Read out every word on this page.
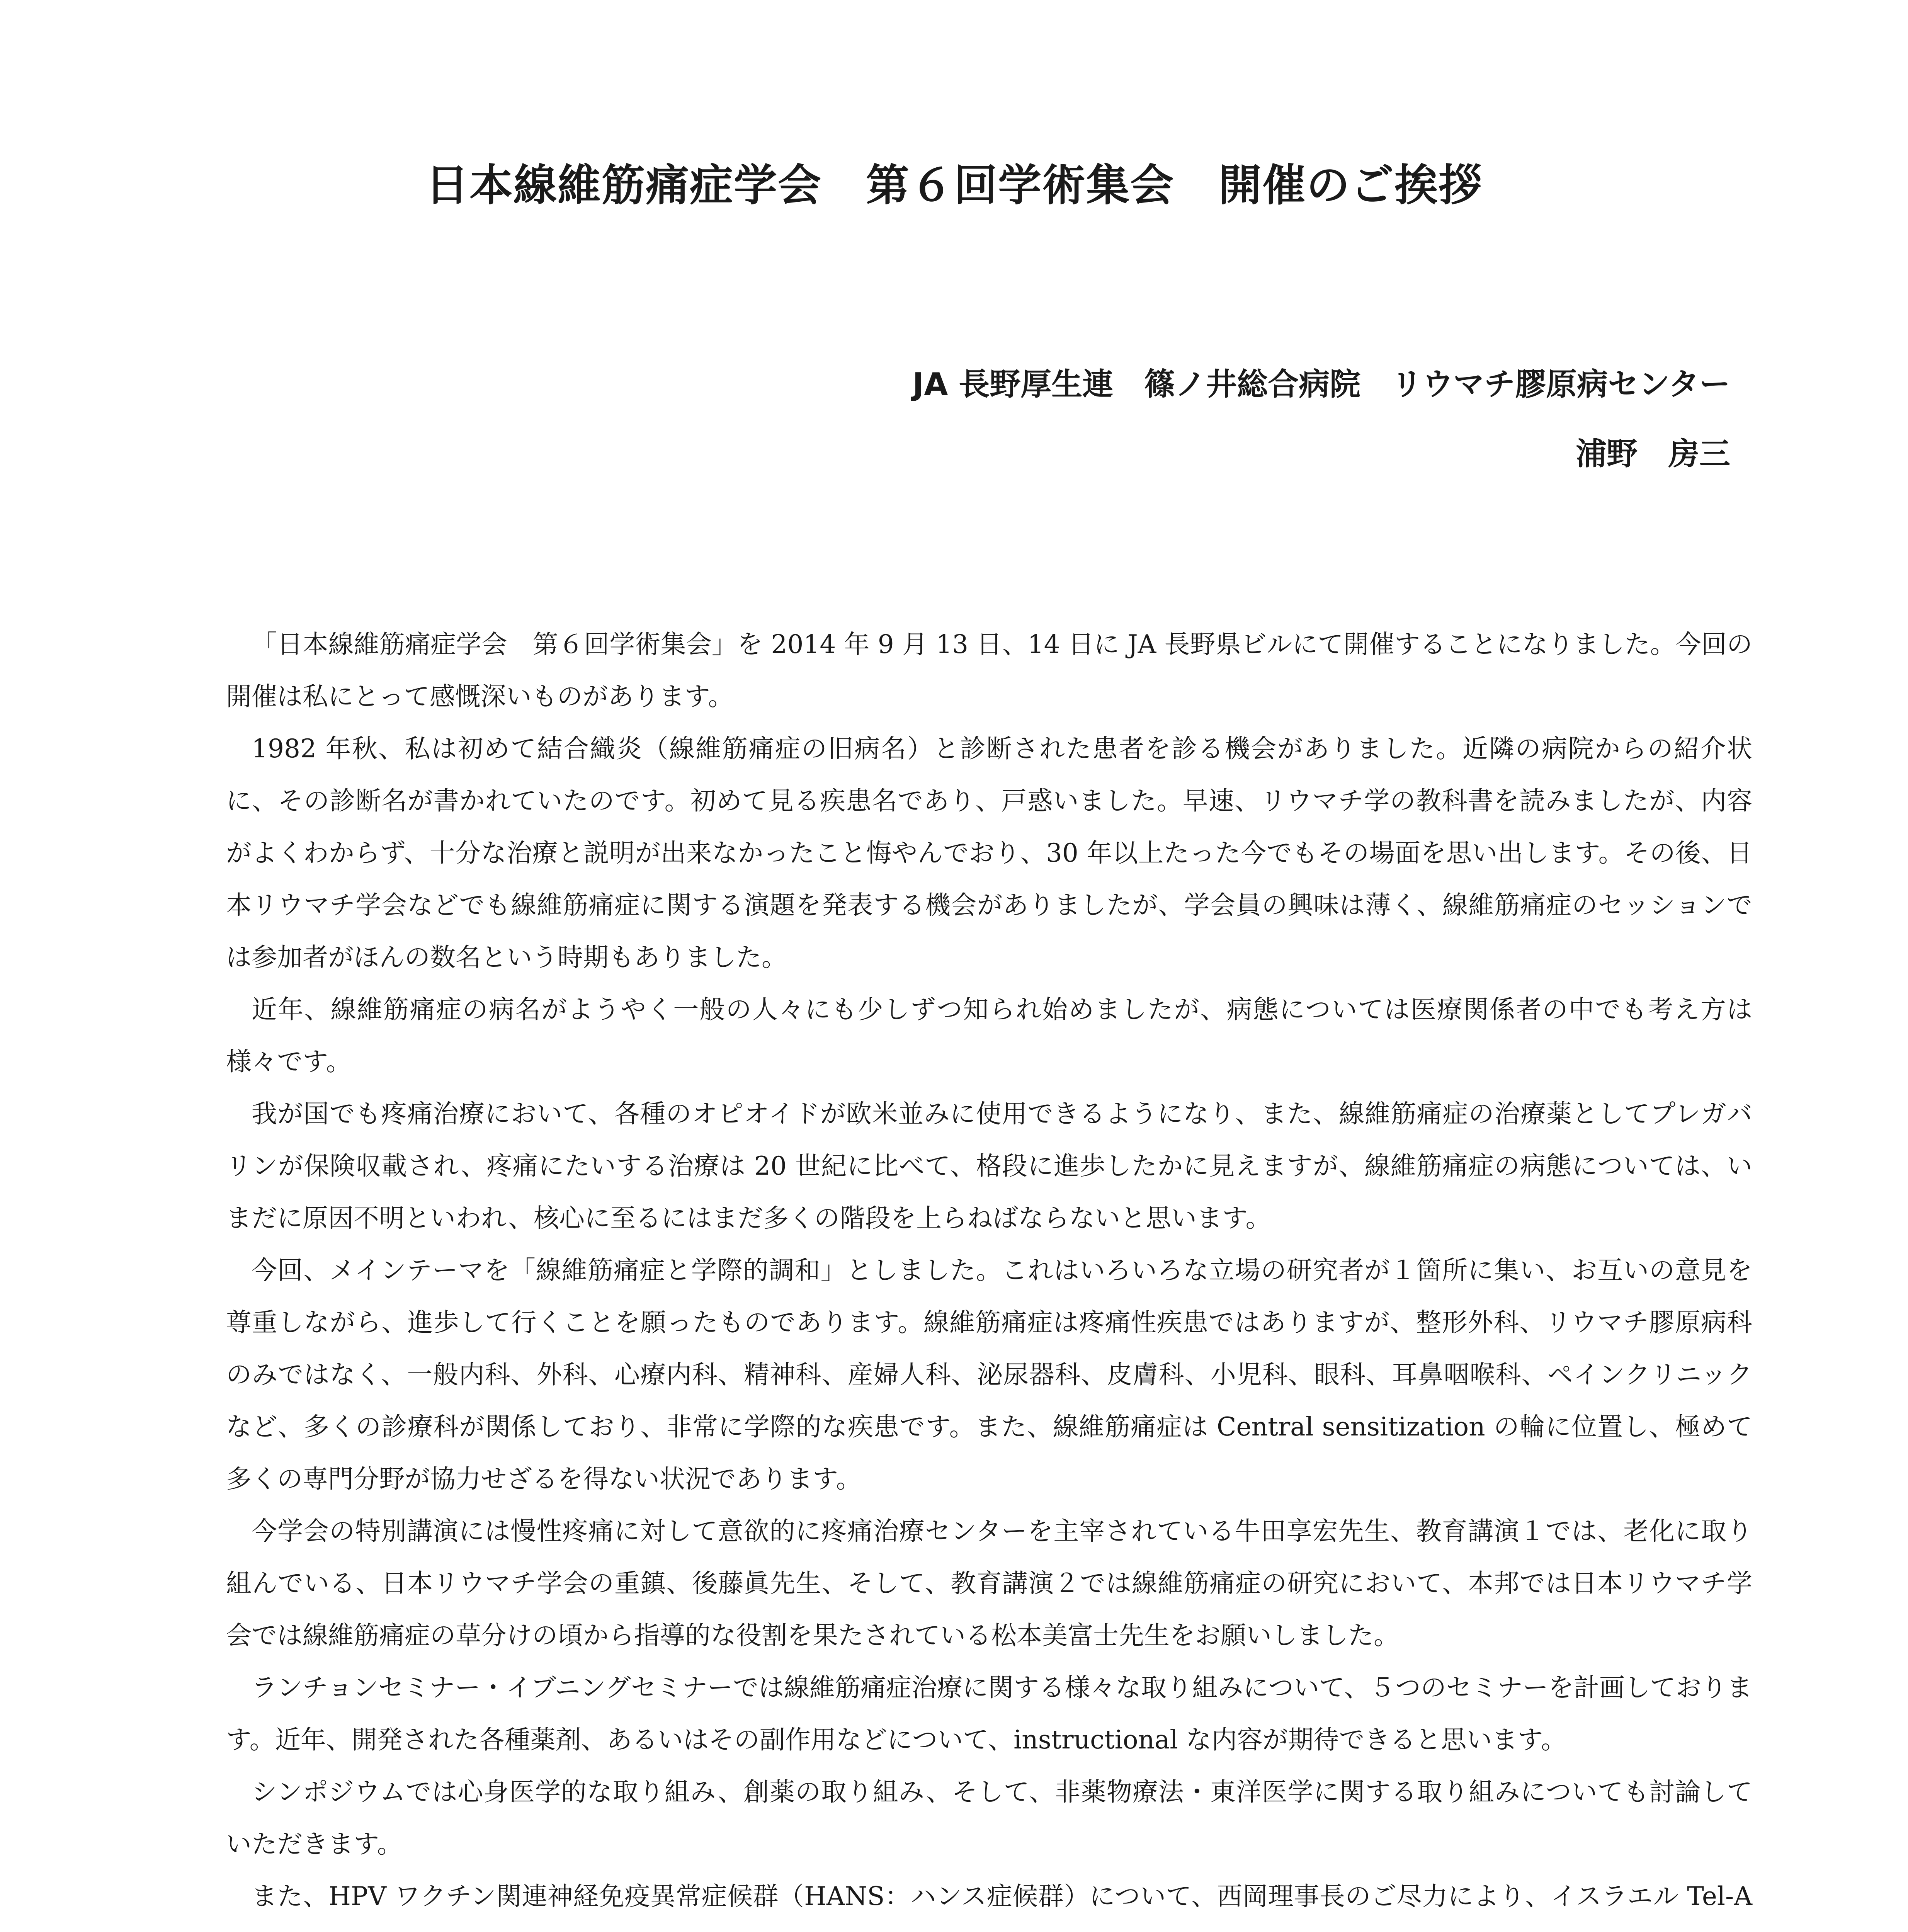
日本線維筋痛症学会　第６回学術集会　開催のご挨拶
JA 長野厚生連　篠ノ井総合病院　リウマチ膠原病センター
浦野　房三

「日本線維筋痛症学会　第６回学術集会」を 2014 年 9 月 13 日、14 日に JA 長野県ビルにて開催することになりました。今回の開催は私にとって感慨深いものがあります。

1982 年秋、私は初めて結合織炎（線維筋痛症の旧病名）と診断された患者を診る機会がありました。近隣の病院からの紹介状に、その診断名が書かれていたのです。初めて見る疾患名であり、戸惑いました。早速、リウマチ学の教科書を読みましたが、内容がよくわからず、十分な治療と説明が出来なかったこと悔やんでおり、30 年以上たった今でもその場面を思い出します。その後、日本リウマチ学会などでも線維筋痛症に関する演題を発表する機会がありましたが、学会員の興味は薄く、線維筋痛症のセッションでは参加者がほんの数名という時期もありました。

近年、線維筋痛症の病名がようやく一般の人々にも少しずつ知られ始めましたが、病態については医療関係者の中でも考え方は様々です。

我が国でも疼痛治療において、各種のオピオイドが欧米並みに使用できるようになり、また、線維筋痛症の治療薬としてプレガバリンが保険収載され、疼痛にたいする治療は 20 世紀に比べて、格段に進歩したかに見えますが、線維筋痛症の病態については、いまだに原因不明といわれ、核心に至るにはまだ多くの階段を上らねばならないと思います。

今回、メインテーマを「線維筋痛症と学際的調和」としました。これはいろいろな立場の研究者が１箇所に集い、お互いの意見を尊重しながら、進歩して行くことを願ったものであります。線維筋痛症は疼痛性疾患ではありますが、整形外科、リウマチ膠原病科のみではなく、一般内科、外科、心療内科、精神科、産婦人科、泌尿器科、皮膚科、小児科、眼科、耳鼻咽喉科、ペインクリニックなど、多くの診療科が関係しており、非常に学際的な疾患です。また、線維筋痛症は Central sensitization の輪に位置し、極めて多くの専門分野が協力せざるを得ない状況であります。

今学会の特別講演には慢性疼痛に対して意欲的に疼痛治療センターを主宰されている牛田享宏先生、教育講演１では、老化に取り組んでいる、日本リウマチ学会の重鎮、後藤眞先生、そして、教育講演２では線維筋痛症の研究において、本邦では日本リウマチ学会では線維筋痛症の草分けの頃から指導的な役割を果たされている松本美富士先生をお願いしました。

ランチョンセミナー・イブニングセミナーでは線維筋痛症治療に関する様々な取り組みについて、５つのセミナーを計画しております。近年、開発された各種薬剤、あるいはその副作用などについて、instructional な内容が期待できると思います。

シンポジウムでは心身医学的な取り組み、創薬の取り組み、そして、非薬物療法・東洋医学に関する取り組みについても討論していただきます。

また、HPV ワクチン関連神経免疫異常症候群（HANS：ハンス症候群）について、西岡理事長のご尽力により、イスラエル Tel-A
